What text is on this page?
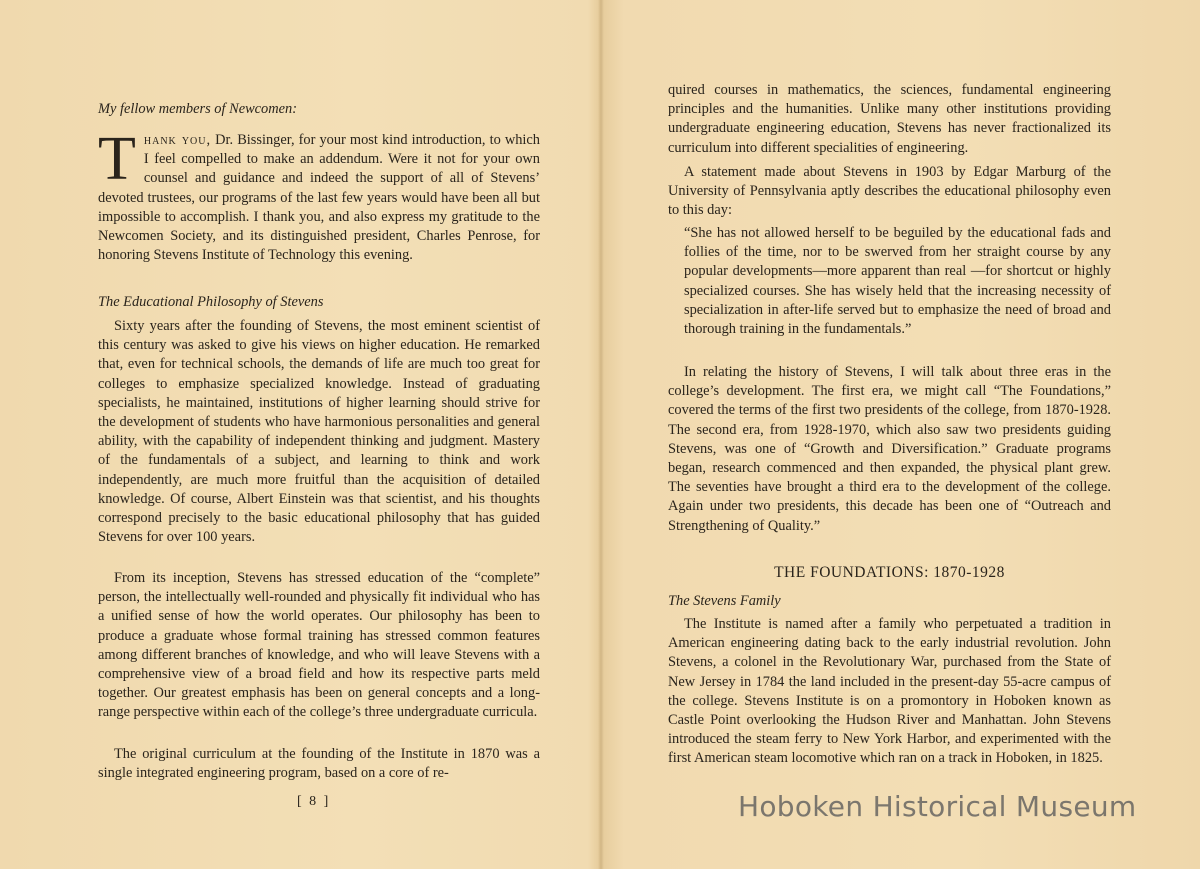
My fellow members of Newcomen:

Thank you, Dr. Bissinger, for your most kind introduction, to which I feel compelled to make an addendum. Were it not for your own counsel and guidance and indeed the support of all of Stevens’ devoted trustees, our programs of the last few years would have been all but impossible to accomplish. I thank you, and also express my gratitude to the Newcomen Society, and its distinguished president, Charles Penrose, for honoring Stevens Institute of Technology this evening.

The Educational Philosophy of Stevens

Sixty years after the founding of Stevens, the most eminent scientist of this century was asked to give his views on higher education. He remarked that, even for technical schools, the demands of life are much too great for colleges to emphasize specialized knowledge. Instead of graduating specialists, he maintained, institutions of higher learning should strive for the development of students who have harmonious personalities and general ability, with the capability of independent thinking and judgment. Mastery of the fundamentals of a subject, and learning to think and work independently, are much more fruitful than the acquisition of detailed knowledge. Of course, Albert Einstein was that scientist, and his thoughts correspond precisely to the basic educational philosophy that has guided Stevens for over 100 years.

From its inception, Stevens has stressed education of the “complete” person, the intellectually well-rounded and physically fit individual who has a unified sense of how the world operates. Our philosophy has been to produce a graduate whose formal training has stressed common features among different branches of knowledge, and who will leave Stevens with a comprehensive view of a broad field and how its respective parts meld together. Our greatest emphasis has been on general concepts and a long-range perspective within each of the college’s three undergraduate curricula.

The original curriculum at the founding of the Institute in 1870 was a single integrated engineering program, based on a core of re-

[ 8 ]

quired courses in mathematics, the sciences, fundamental engineering principles and the humanities. Unlike many other institutions providing undergraduate engineering education, Stevens has never fractionalized its curriculum into different specialities of engineering.

A statement made about Stevens in 1903 by Edgar Marburg of the University of Pennsylvania aptly describes the educational philosophy even to this day:

“She has not allowed herself to be beguiled by the educational fads and follies of the time, nor to be swerved from her straight course by any popular developments—more apparent than real —for shortcut or highly specialized courses. She has wisely held that the increasing necessity of specialization in after-life served but to emphasize the need of broad and thorough training in the fundamentals.”

In relating the history of Stevens, I will talk about three eras in the college’s development. The first era, we might call “The Foundations,” covered the terms of the first two presidents of the college, from 1870-1928. The second era, from 1928-1970, which also saw two presidents guiding Stevens, was one of “Growth and Diversification.” Graduate programs began, research commenced and then expanded, the physical plant grew. The seventies have brought a third era to the development of the college. Again under two presidents, this decade has been one of “Outreach and Strengthening of Quality.”

THE FOUNDATIONS: 1870-1928

The Stevens Family

The Institute is named after a family who perpetuated a tradition in American engineering dating back to the early industrial revolution. John Stevens, a colonel in the Revolutionary War, purchased from the State of New Jersey in 1784 the land included in the present-day 55-acre campus of the college. Stevens Institute is on a promontory in Hoboken known as Castle Point overlooking the Hudson River and Manhattan. John Stevens introduced the steam ferry to New York Harbor, and experimented with the first American steam locomotive which ran on a track in Hoboken, in 1825.

Hoboken Historical Museum
